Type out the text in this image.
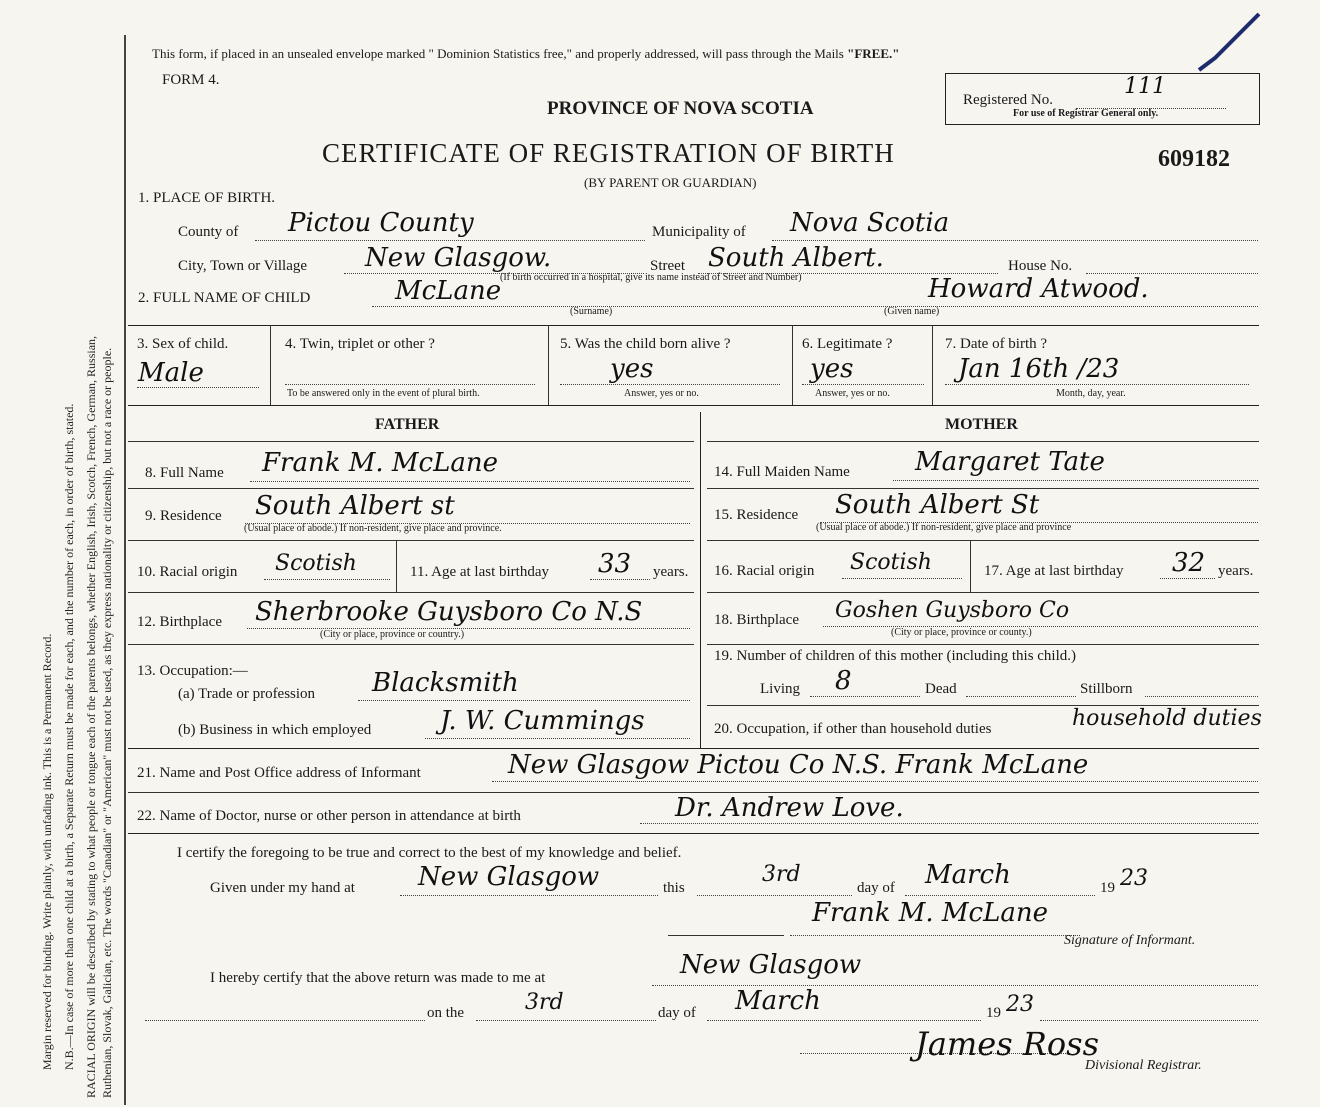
Margin reserved for binding. Write plainly, with unfading ink. This is a Permanent Record. N.B.—In case of more than one child at a birth, a Separate Return must be made for each, and the number of each, in order of birth, stated. RACIAL ORIGIN will be described by stating to what people or tongue each of the parents belongs, whether English, Irish, Scotch, French, German, Russian, Ruthenian, Slovak, Galician, etc. The words "Canadian" or "American" must not be used, as they express nationality or citizenship, but not a race or people.
This form, if placed in an unsealed envelope marked " Dominion Statistics free," and properly addressed, will pass through the Mails "FREE."
FORM 4.
PROVINCE OF NOVA SCOTIA
CERTIFICATE OF REGISTRATION OF BIRTH
(BY PARENT OR GUARDIAN)
609182
Registered No.
111
For use of Registrar General only.
1. PLACE OF BIRTH.
County of Pictou County	Municipality of Nova Scotia
City, Town or Village New Glasgow.	Street South Albert.	House No.
(If birth occurred in a hospital, give its name instead of Street and Number)
2. FULL NAME OF CHILD	McLane	Howard Atwood.
(Surname)	(Given name)
3. Sex of child.
Male
4. Twin, triplet or other ?
To be answered only in the event of plural birth.
5. Was the child born alive ?
yes
Answer, yes or no.
6. Legitimate ?
yes
Answer, yes or no.
7. Date of birth ?
Jan 16th /23
Month, day, year.
FATHER	MOTHER
8. Full Name Frank M. McLane
9. Residence South Albert st
(Usual place of abode.) If non-resident, give place and province.
10. Racial origin Scotish	11. Age at last birthday 33 years.
12. Birthplace Sherbrooke Guysboro Co N.S
(City or place, province or country.)
13. Occupation:—
(a) Trade or profession Blacksmith
(b) Business in which employed	J. W. Cummings
14. Full Maiden Name	Margaret Tate
15. Residence South Albert St
(Usual place of abode.) If non-resident, give place and province
16. Racial origin Scotish	17. Age at last birthday 32 years.
18. Birthplace Goshen Guysboro Co
(City or place, province or county.)
19. Number of children of this mother (including this child.)
Living 8	Dead	Stillborn
20. Occupation, if other than household duties	household duties
21. Name and Post Office address of Informant	New Glasgow Pictou Co N.S. Frank McLane
22. Name of Doctor, nurse or other person in attendance at birth	Dr. Andrew Love.
I certify the foregoing to be true and correct to the best of my knowledge and belief.
Given under my hand at New Glasgow	this
3rd
day of March	19 23
Frank M. McLane
Signature of Informant.
I hereby certify that the above return was made to me at	New Glasgow
on the	3rd	day of March	19 23
James Ross
Divisional Registrar.
